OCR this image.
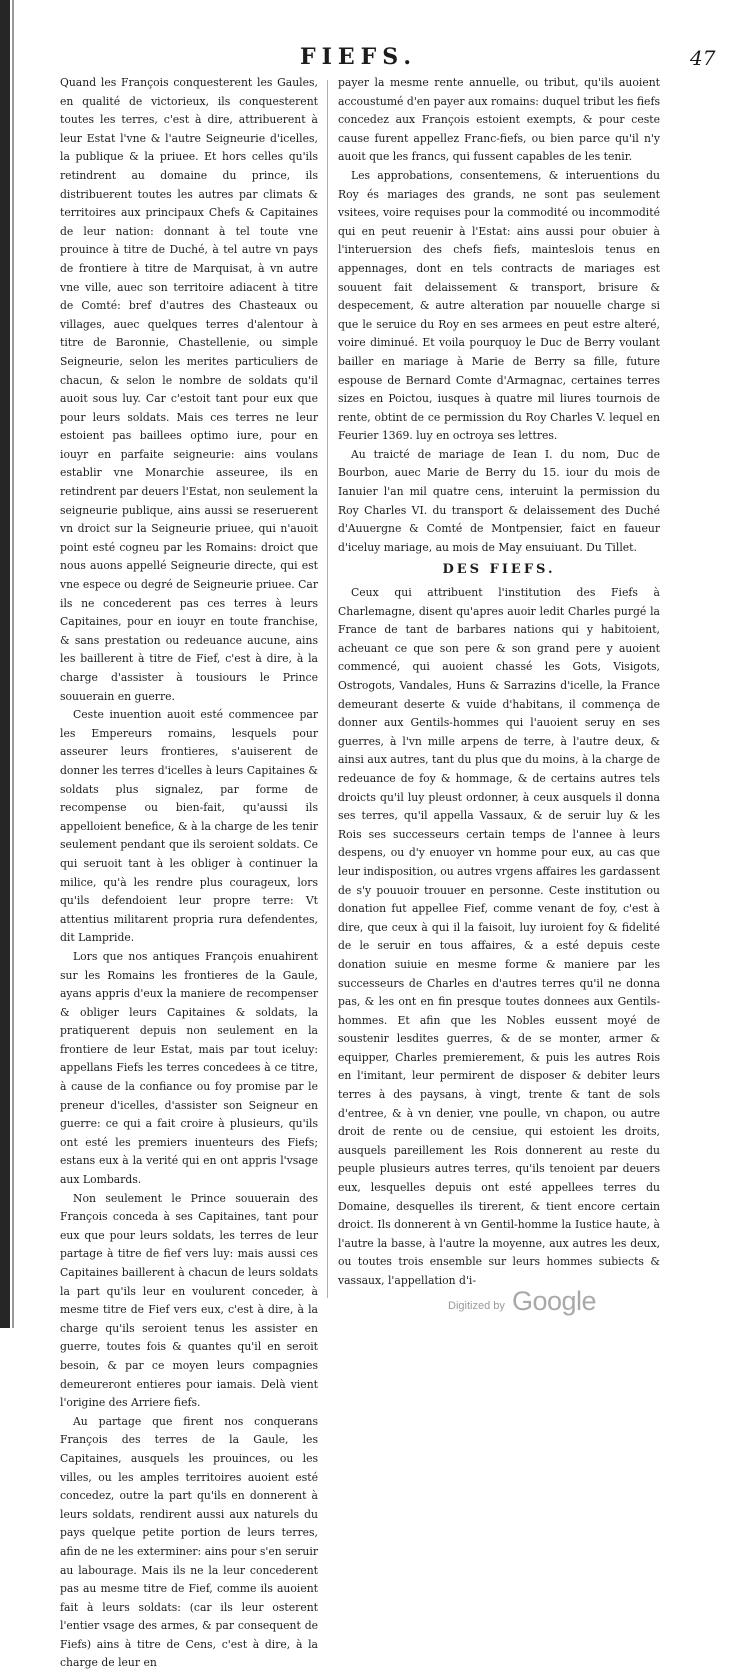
FIEFS.	47

Quand les François conquesterent les Gaules, en qualité de victorieux, ils conquesterent toutes les terres, c'est à dire, attribuerent à leur Estat l'vne & l'autre Seigneurie d'icelles, la publique & la priuee. Et hors celles qu'ils retindrent au domaine du prince, ils distribuerent toutes les autres par climats & territoires aux principaux Chefs & Capitaines de leur nation: donnant à tel toute vne prouince à titre de Duché, à tel autre vn pays de frontiere à titre de Marquisat, à vn autre vne ville, auec son territoire adiacent à titre de Comté: bref d'autres des Chasteaux ou villages, auec quelques terres d'alentour à titre de Baronnie, Chastellenie, ou simple Seigneurie, selon les merites particuliers de chacun, & selon le nombre de soldats qu'il auoit sous luy. Car c'estoit tant pour eux que pour leurs soldats. Mais ces terres ne leur estoient pas baillees optimo iure, pour en iouyr en parfaite seigneurie: ains voulans establir vne Monarchie asseuree, ils en retindrent par deuers l'Estat, non seulement la seigneurie publique, ains aussi se reseruerent vn droict sur la Seigneurie priuee, qui n'auoit point esté cogneu par les Romains: droict que nous auons appellé Seigneurie directe, qui est vne espece ou degré de Seigneurie priuee. Car ils ne concederent pas ces terres à leurs Capitaines, pour en iouyr en toute franchise, & sans prestation ou redeuance aucune, ains les baillerent à titre de Fief, c'est à dire, à la charge d'assister à tousiours le Prince souuerain en guerre.

Ceste inuention auoit esté commencee par les Empereurs romains, lesquels pour asseurer leurs frontieres, s'auiserent de donner les terres d'icelles à leurs Capitaines & soldats plus signalez, par forme de recompense ou bien-fait, qu'aussi ils appelloient benefice, & à la charge de les tenir seulement pendant que ils seroient soldats. Ce qui seruoit tant à les obliger à continuer la milice, qu'à les rendre plus courageux, lors qu'ils defendoient leur propre terre: Vt attentius militarent propria rura defendentes, dit Lampride.

Lors que nos antiques François enuahirent sur les Romains les frontieres de la Gaule, ayans appris d'eux la maniere de recompenser & obliger leurs Capitaines & soldats, la pratiquerent depuis non seulement en la frontiere de leur Estat, mais par tout iceluy: appellans Fiefs les terres concedees à ce titre, à cause de la confiance ou foy promise par le preneur d'icelles, d'assister son Seigneur en guerre: ce qui a fait croire à plusieurs, qu'ils ont esté les premiers inuenteurs des Fiefs; estans eux à la verité qui en ont appris l'vsage aux Lombards.

Non seulement le Prince souuerain des François conceda à ses Capitaines, tant pour eux que pour leurs soldats, les terres de leur partage à titre de fief vers luy: mais aussi ces Capitaines baillerent à chacun de leurs soldats la part qu'ils leur en voulurent conceder, à mesme titre de Fief vers eux, c'est à dire, à la charge qu'ils seroient tenus les assister en guerre, toutes fois & quantes qu'il en seroit besoin, & par ce moyen leurs compagnies demeureront entieres pour iamais. Delà vient l'origine des Arriere fiefs.

Au partage que firent nos conquerans François des terres de la Gaule, les Capitaines, ausquels les prouinces, ou les villes, ou les amples territoires auoient esté concedez, outre la part qu'ils en donnerent à leurs soldats, rendirent aussi aux naturels du pays quelque petite portion de leurs terres, afin de ne les exterminer: ains pour s'en seruir au labourage. Mais ils ne la leur concederent pas au mesme titre de Fief, comme ils auoient fait à leurs soldats: (car ils leur osterent l'entier vsage des armes, & par consequent de Fiefs) ains à titre de Cens, c'est à dire, à la charge de leur en

payer la mesme rente annuelle, ou tribut, qu'ils auoient accoustumé d'en payer aux romains: duquel tribut les fiefs concedez aux François estoient exempts, & pour ceste cause furent appellez Franc-fiefs, ou bien parce qu'il n'y auoit que les francs, qui fussent capables de les tenir.

Les approbations, consentemens, & interuentions du Roy és mariages des grands, ne sont pas seulement vsitees, voire requises pour la commodité ou incommodité qui en peut reuenir à l'Estat: ains aussi pour obuier à l'interuersion des chefs fiefs, mainteslois tenus en appennages, dont en tels contracts de mariages est souuent fait delaissement & transport, brisure & despecement, & autre alteration par nouuelle charge si que le seruice du Roy en ses armees en peut estre alteré, voire diminué. Et voila pourquoy le Duc de Berry voulant bailler en mariage à Marie de Berry sa fille, future espouse de Bernard Comte d'Armagnac, certaines terres sizes en Poictou, iusques à quatre mil liures tournois de rente, obtint de ce permission du Roy Charles V. lequel en Feurier 1369. luy en octroya ses lettres.

Au traicté de mariage de Iean I. du nom, Duc de Bourbon, auec Marie de Berry du 15. iour du mois de Ianuier l'an mil quatre cens, interuint la permission du Roy Charles VI. du transport & delaissement des Duché d'Auuergne & Comté de Montpensier, faict en faueur d'iceluy mariage, au mois de May ensuiuant. Du Tillet.

DES FIEFS.

Ceux qui attribuent l'institution des Fiefs à Charlemagne, disent qu'apres auoir ledit Charles purgé la France de tant de barbares nations qui y habitoient, acheuant ce que son pere & son grand pere y auoient commencé, qui auoient chassé les Gots, Visigots, Ostrogots, Vandales, Huns & Sarrazins d'icelle, la France demeurant deserte & vuide d'habitans, il commença de donner aux Gentils-hommes qui l'auoient seruy en ses guerres, à l'vn mille arpens de terre, à l'autre deux, & ainsi aux autres, tant du plus que du moins, à la charge de redeuance de foy & hommage, & de certains autres tels droicts qu'il luy pleust ordonner, à ceux ausquels il donna ses terres, qu'il appella Vassaux, & de seruir luy & les Rois ses successeurs certain temps de l'annee à leurs despens, ou d'y enuoyer vn homme pour eux, au cas que leur indisposition, ou autres vrgens affaires les gardassent de s'y pouuoir trouuer en personne. Ceste institution ou donation fut appellee Fief, comme venant de foy, c'est à dire, que ceux à qui il la faisoit, luy iuroient foy & fidelité de le seruir en tous affaires, & a esté depuis ceste donation suiuie en mesme forme & maniere par les successeurs de Charles en d'autres terres qu'il ne donna pas, & les ont en fin presque toutes donnees aux Gentils-hommes. Et afin que les Nobles eussent moyé de soustenir lesdites guerres, & de se monter, armer & equipper, Charles premierement, & puis les autres Rois en l'imitant, leur permirent de disposer & debiter leurs terres à des paysans, à vingt, trente & tant de sols d'entree, & à vn denier, vne poulle, vn chapon, ou autre droit de rente ou de censiue, qui estoient les droits, ausquels pareillement les Rois donnerent au reste du peuple plusieurs autres terres, qu'ils tenoient par deuers eux, lesquelles depuis ont esté appellees terres du Domaine, desquelles ils tirerent, & tient encore certain droict. Ils donnerent à vn Gentil-homme la Iustice haute, à l'autre la basse, à l'autre la moyenne, aux autres les deux, ou toutes trois ensemble sur leurs hommes subiects & vassaux, l'appellation d'i-

Digitized by Google
